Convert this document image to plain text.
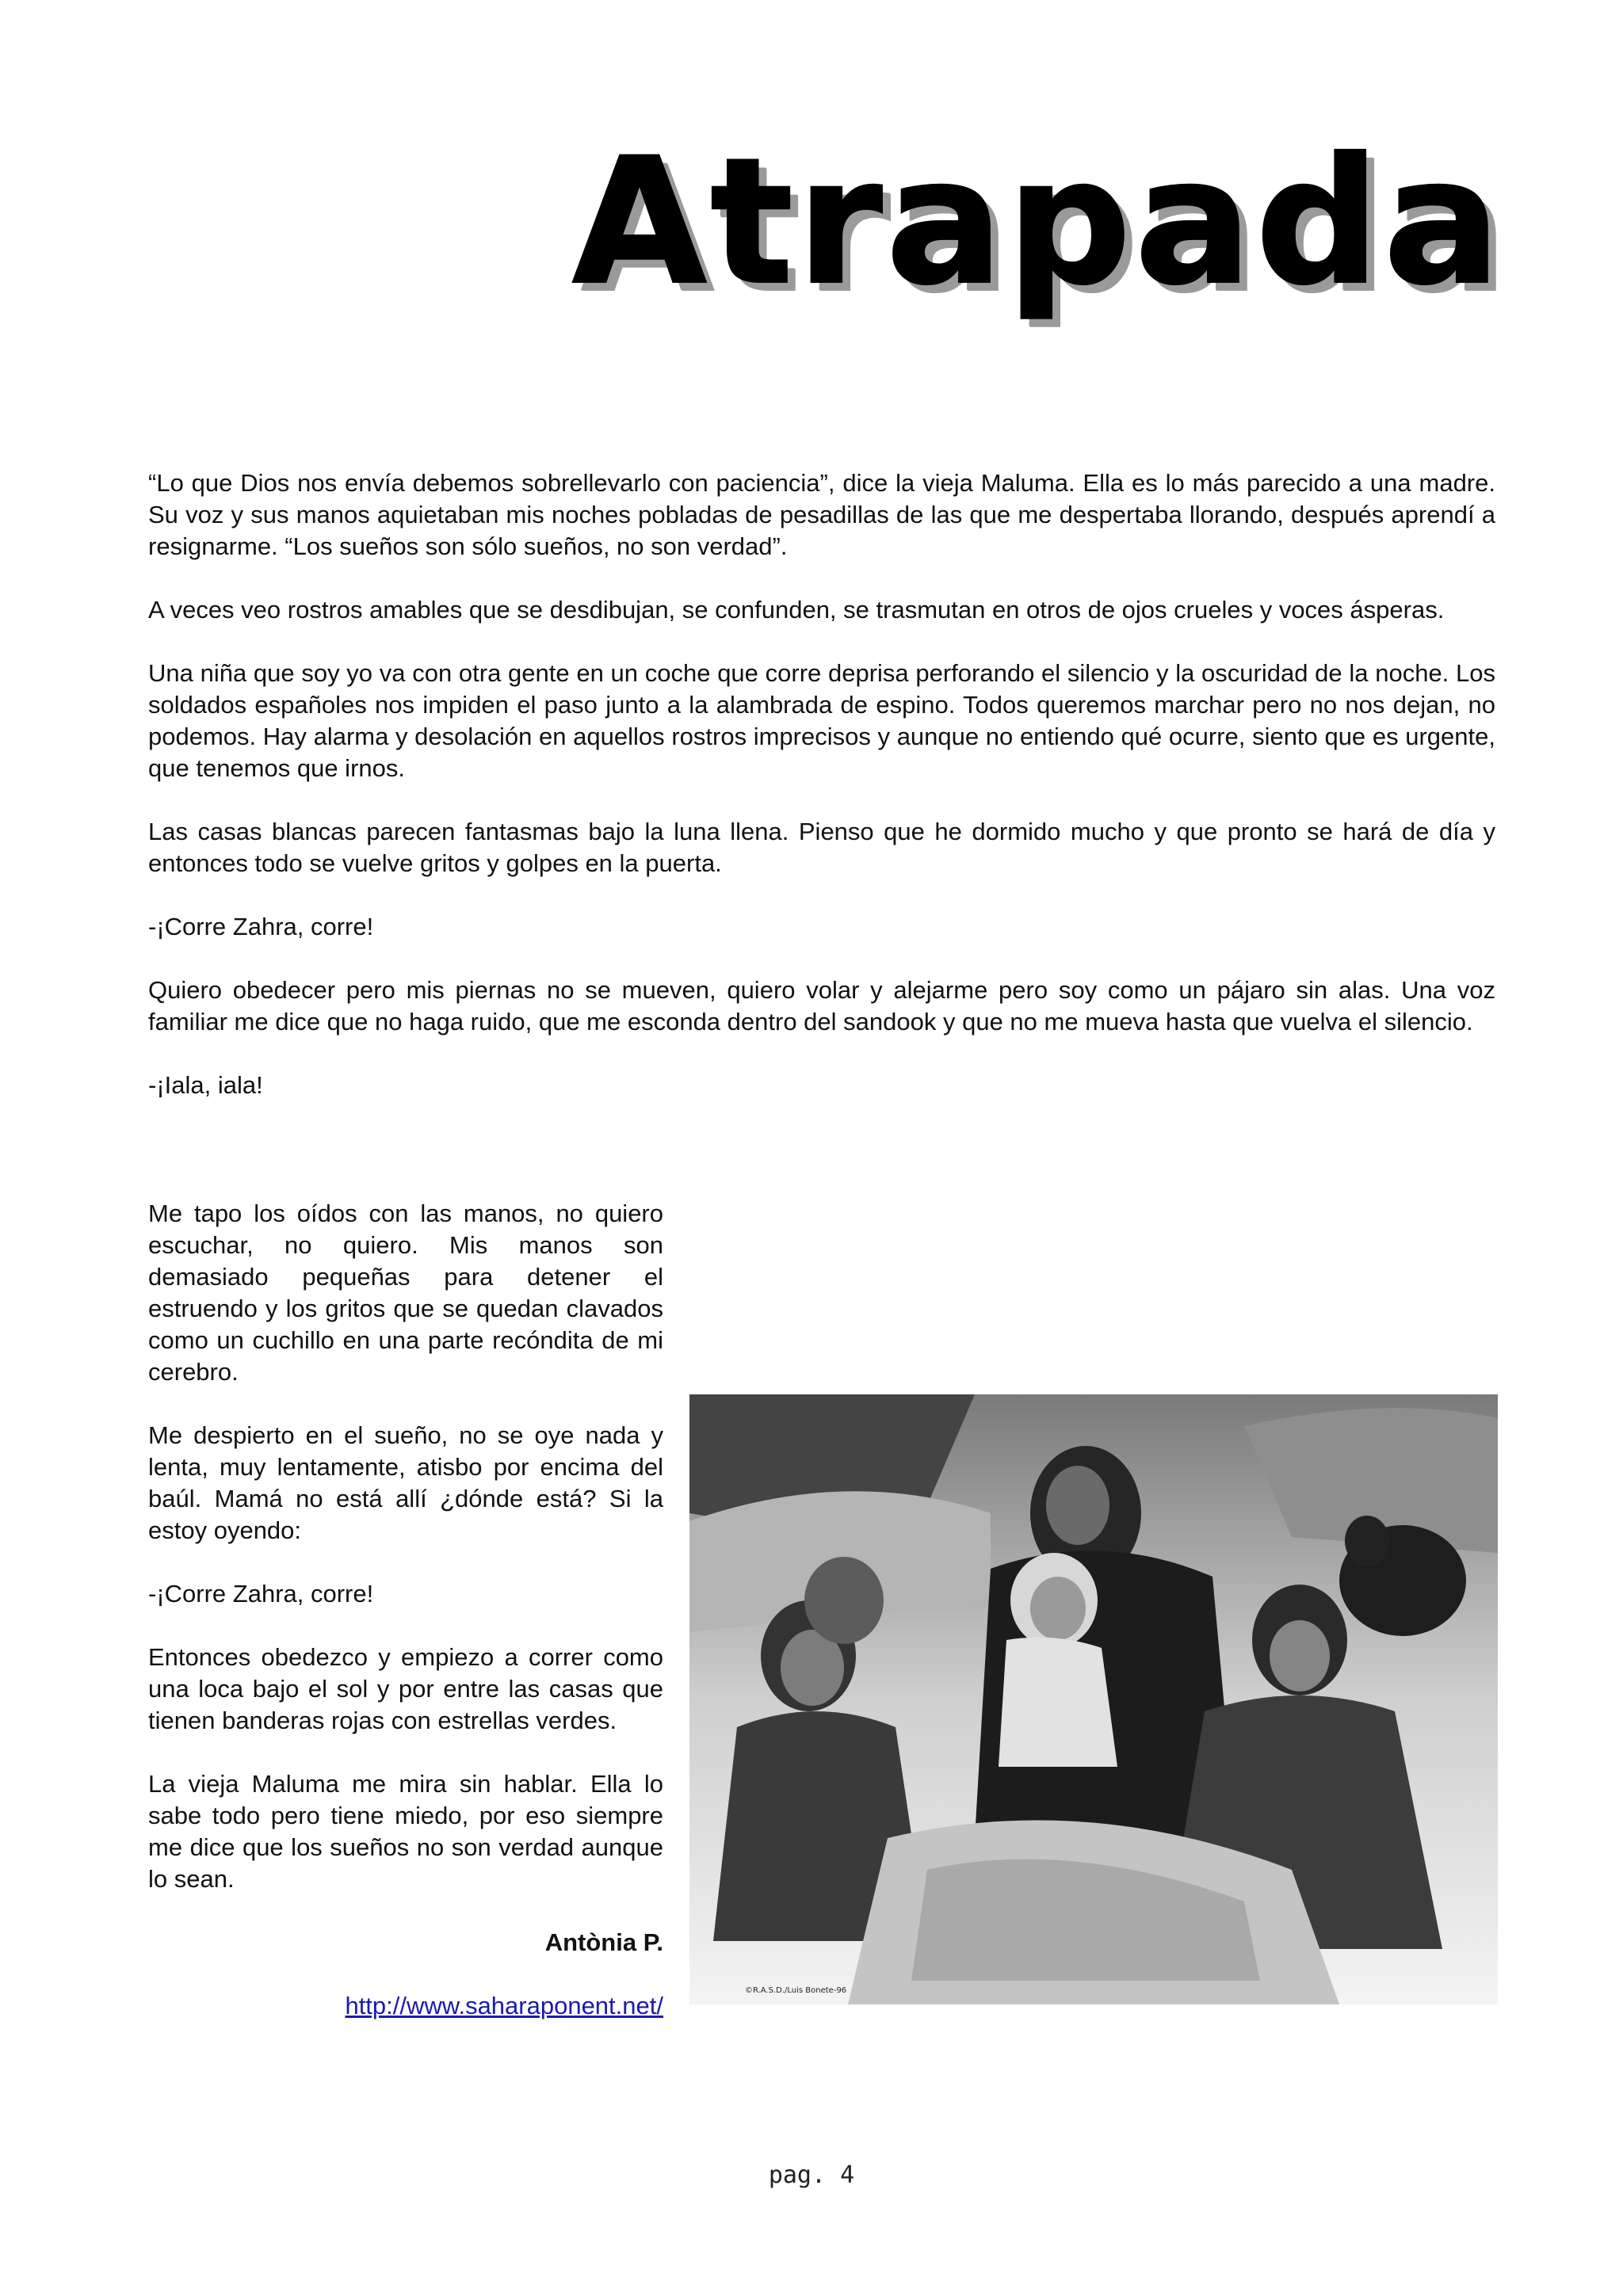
Atrapada

“Lo que Dios nos envía debemos sobrellevarlo con paciencia”, dice la vieja Maluma. Ella es lo más parecido a una madre. Su voz y sus manos aquietaban mis noches pobladas de pesadillas de las que me despertaba llorando, después aprendí a resignarme. “Los sueños son sólo sueños, no son verdad”.

A veces veo rostros amables que se desdibujan, se confunden, se trasmutan en otros de ojos crueles y voces ásperas.

Una niña que soy yo va con otra gente en un coche que corre deprisa perforando el silencio y la oscuridad de la noche. Los soldados españoles nos impiden el paso junto a la alambrada de espino. Todos queremos marchar pero no nos dejan, no podemos. Hay alarma y desolación en aquellos rostros imprecisos y aunque no entiendo qué ocurre, siento que es urgente, que tenemos que irnos.

Las casas blancas parecen fantasmas bajo la luna llena. Pienso que he dormido mucho y que pronto se hará de día y entonces todo se vuelve gritos y golpes en la puerta.

-¡Corre Zahra, corre!

Quiero obedecer pero mis piernas no se mueven, quiero volar y alejarme pero soy como un pájaro sin alas. Una voz familiar me dice que no haga ruido, que me esconda dentro del sandook y que no me mueva hasta que vuelva el silencio.

-¡Iala, iala!

Me tapo los oídos con las manos, no quiero escuchar, no quiero. Mis manos son demasiado pequeñas para detener el estruendo y los gritos que se quedan clavados como un cuchillo en una parte recóndita de mi cerebro.

Me despierto en el sueño, no se oye nada y lenta, muy lentamente, atisbo por encima del baúl. Mamá no está allí ¿dónde está? Si la estoy oyendo:

-¡Corre Zahra, corre!

Entonces obedezco y empiezo a correr como una loca bajo el sol y por entre las casas que tienen banderas rojas con estrellas verdes.

La vieja Maluma me mira sin hablar. Ella lo sabe todo pero tiene miedo, por eso siempre me dice que los sueños no son verdad aunque lo sean.

Antònia P.

http://www.saharaponent.net/

©R.A.S.D./Luis Bonete-96
pag. 4
